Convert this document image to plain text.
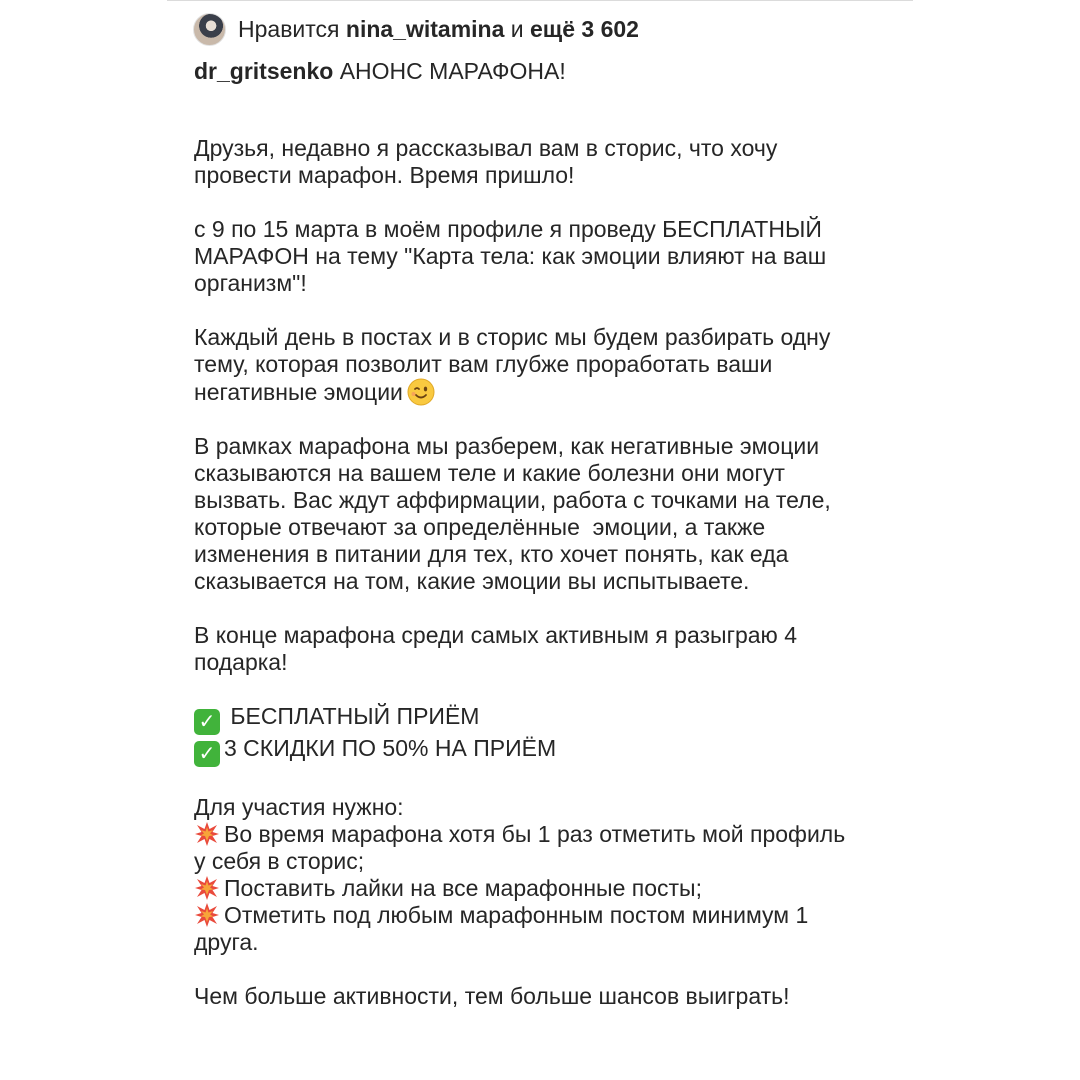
Нравится nina_witamina и ещё 3 602

dr_gritsenko АНОНС МАРАФОНА!

Друзья, недавно я рассказывал вам в сторис, что хочу
провести марафон. Время пришло!

с 9 по 15 марта в моём профиле я проведу БЕСПЛАТНЫЙ
МАРАФОН на тему "Карта тела: как эмоции влияют на ваш
организм"!

Каждый день в постах и в сторис мы будем разбирать одну
тему, которая позволит вам глубже проработать ваши
негативные эмоции

В рамках марафона мы разберем, как негативные эмоции
сказываются на вашем теле и какие болезни они могут
вызвать. Вас ждут аффирмации, работа с точками на теле,
которые отвечают за определённые  эмоции, а также
изменения в питании для тех, кто хочет понять, как еда
сказывается на том, какие эмоции вы испытываете.

В конце марафона среди самых активным я разыграю 4
подарка!

✓  БЕСПЛАТНЫЙ ПРИЁМ
✓ 3 СКИДКИ ПО 50% НА ПРИЁМ

Для участия нужно:
Во время марафона хотя бы 1 раз отметить мой профиль
у себя в сторис;
Поставить лайки на все марафонные посты;
Отметить под любым марафонным постом минимум 1
друга.

Чем больше активности, тем больше шансов выиграть!
